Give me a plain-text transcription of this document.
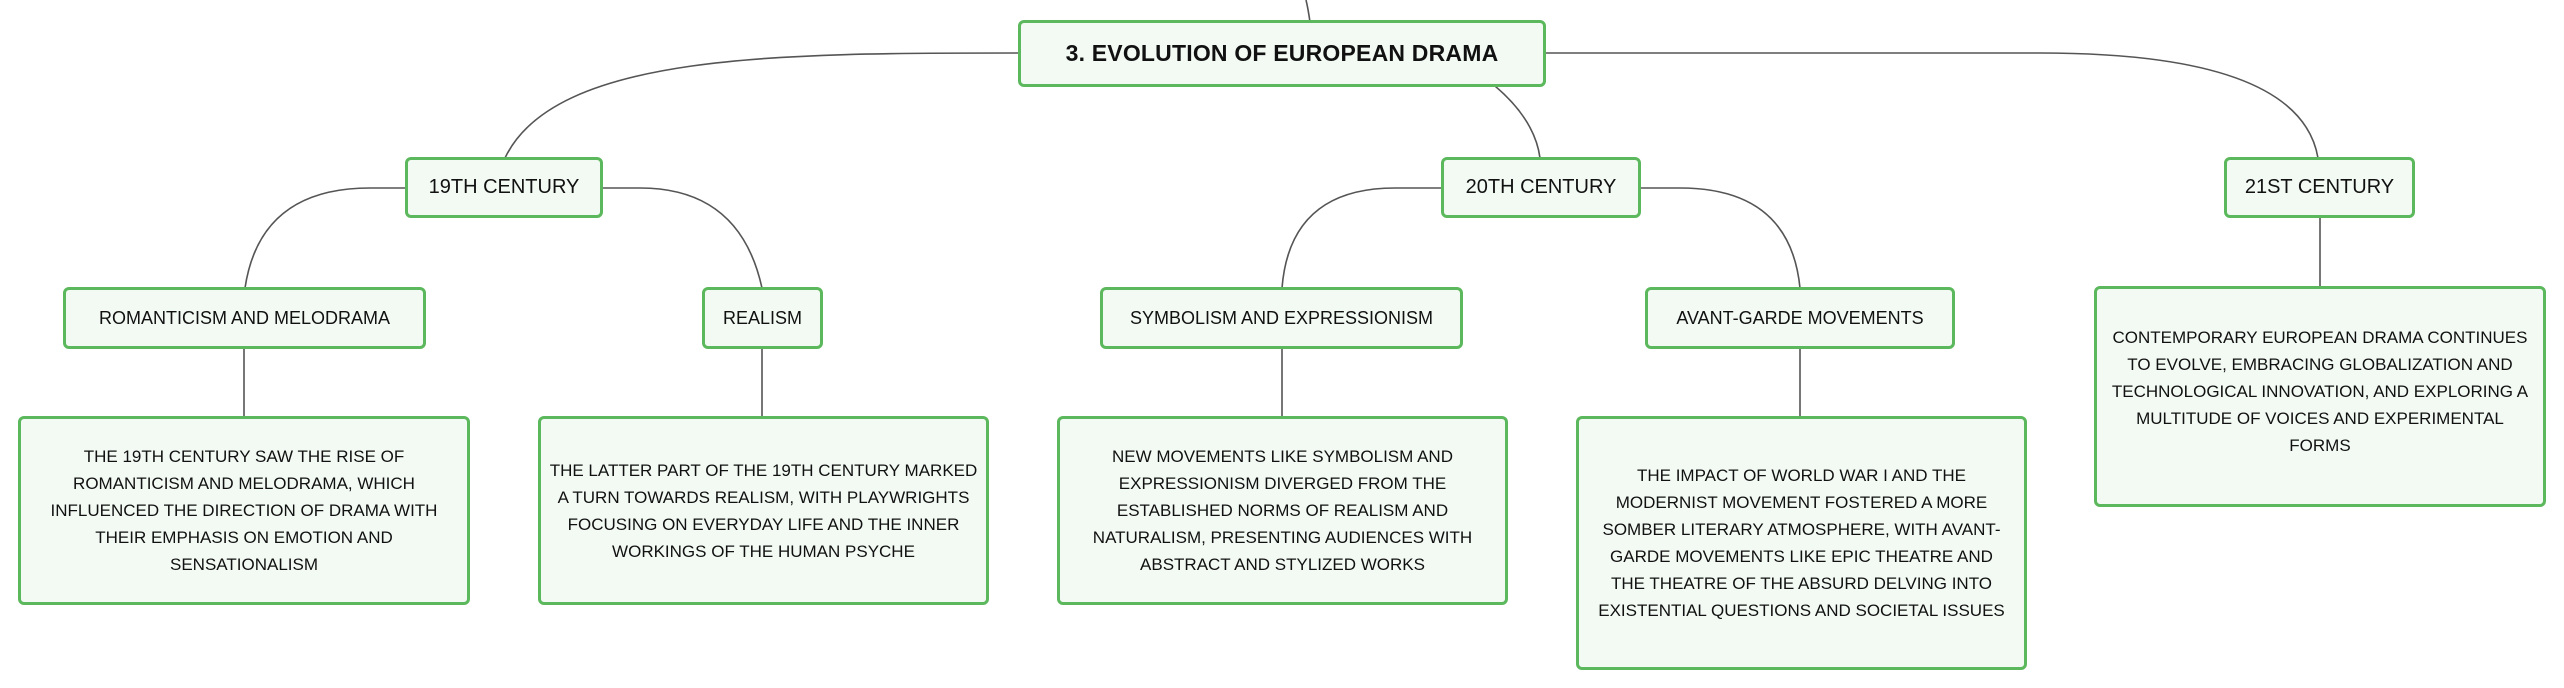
3. EVOLUTION OF EUROPEAN DRAMA
19TH CENTURY
ROMANTICISM AND MELODRAMA	REALISM
THE 19TH CENTURY SAW THE RISE OF ROMANTICISM AND MELODRAMA, WHICH INFLUENCED THE DIRECTION OF DRAMA WITH THEIR EMPHASIS ON EMOTION AND SENSATIONALISM
THE LATTER PART OF THE 19TH CENTURY MARKED A TURN TOWARDS REALISM, WITH PLAYWRIGHTS FOCUSING ON EVERYDAY LIFE AND THE INNER WORKINGS OF THE HUMAN PSYCHE
20TH CENTURY
SYMBOLISM AND EXPRESSIONISM	AVANT-GARDE MOVEMENTS
NEW MOVEMENTS LIKE SYMBOLISM AND EXPRESSIONISM DIVERGED FROM THE ESTABLISHED NORMS OF REALISM AND NATURALISM, PRESENTING AUDIENCES WITH ABSTRACT AND STYLIZED WORKS
THE IMPACT OF WORLD WAR I AND THE MODERNIST MOVEMENT FOSTERED A MORE SOMBER LITERARY ATMOSPHERE, WITH AVANT-GARDE MOVEMENTS LIKE EPIC THEATRE AND THE THEATRE OF THE ABSURD DELVING INTO EXISTENTIAL QUESTIONS AND SOCIETAL ISSUES
21ST CENTURY
CONTEMPORARY EUROPEAN DRAMA CONTINUES TO EVOLVE, EMBRACING GLOBALIZATION AND TECHNOLOGICAL INNOVATION, AND EXPLORING A MULTITUDE OF VOICES AND EXPERIMENTAL FORMS
